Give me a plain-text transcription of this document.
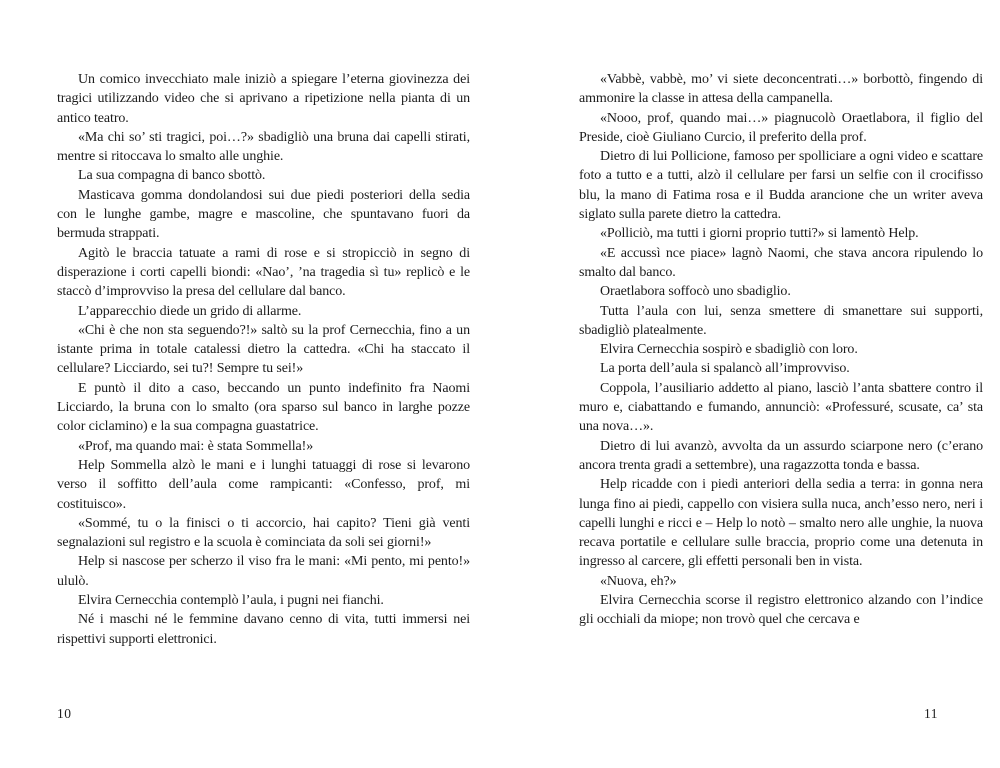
Un comico invecchiato male iniziò a spiegare l’eterna giovinezza dei tragici utilizzando video che si aprivano a ripetizione nella pianta di un antico teatro.

«Ma chi so’ sti tragici, poi…?» sbadigliò una bruna dai capelli stirati, mentre si ritoccava lo smalto alle unghie.

La sua compagna di banco sbottò.

Masticava gomma dondolandosi sui due piedi posteriori della sedia con le lunghe gambe, magre e mascoline, che spuntavano fuori da bermuda strappati.

Agitò le braccia tatuate a rami di rose e si stropicciò in segno di disperazione i corti capelli biondi: «Nao’, ’na tragedia sì tu» replicò e le staccò d’improvviso la presa del cellulare dal banco.

L’apparecchio diede un grido di allarme.

«Chi è che non sta seguendo?!» saltò su la prof Cernecchia, fino a un istante prima in totale catalessi dietro la cattedra. «Chi ha staccato il cellulare? Licciardo, sei tu?! Sempre tu sei!»

E puntò il dito a caso, beccando un punto indefinito fra Naomi Licciardo, la bruna con lo smalto (ora sparso sul banco in larghe pozze color ciclamino) e la sua compagna guastatrice.

«Prof, ma quando mai: è stata Sommella!»

Help Sommella alzò le mani e i lunghi tatuaggi di rose si levarono verso il soffitto dell’aula come rampicanti: «Confesso, prof, mi costituisco».

«Sommé, tu o la finisci o ti accorcio, hai capito? Tieni già venti segnalazioni sul registro e la scuola è cominciata da soli sei giorni!»

Help si nascose per scherzo il viso fra le mani: «Mi pento, mi pento!» ululò.

Elvira Cernecchia contemplò l’aula, i pugni nei fianchi.

Né i maschi né le femmine davano cenno di vita, tutti immersi nei rispettivi supporti elettronici.

10

«Vabbè, vabbè, mo’ vi siete deconcentrati…» borbottò, fingendo di ammonire la classe in attesa della campanella.

«Nooo, prof, quando mai…» piagnucolò Oraetlabora, il figlio del Preside, cioè Giuliano Curcio, il preferito della prof.

Dietro di lui Pollicione, famoso per spolliciare a ogni video e scattare foto a tutto e a tutti, alzò il cellulare per farsi un selfie con il crocifisso blu, la mano di Fatima rosa e il Budda arancione che un writer aveva siglato sulla parete dietro la cattedra.

«Polliciò, ma tutti i giorni proprio tutti?» si lamentò Help.

«E accussì nce piace» lagnò Naomi, che stava ancora ripulendo lo smalto dal banco.

Oraetlabora soffocò uno sbadiglio.

Tutta l’aula con lui, senza smettere di smanettare sui supporti, sbadigliò platealmente.

Elvira Cernecchia sospirò e sbadigliò con loro.

La porta dell’aula si spalancò all’improvviso.

Coppola, l’ausiliario addetto al piano, lasciò l’anta sbattere contro il muro e, ciabattando e fumando, annunciò: «Professuré, scusate, ca’ sta una nova…».

Dietro di lui avanzò, avvolta da un assurdo sciarpone nero (c’erano ancora trenta gradi a settembre), una ragazzotta tonda e bassa.

Help ricadde con i piedi anteriori della sedia a terra: in gonna nera lunga fino ai piedi, cappello con visiera sulla nuca, anch’esso nero, neri i capelli lunghi e ricci e – Help lo notò – smalto nero alle unghie, la nuova recava portatile e cellulare sulle braccia, proprio come una detenuta in ingresso al carcere, gli effetti personali ben in vista.

«Nuova, eh?»

Elvira Cernecchia scorse il registro elettronico alzando con l’indice gli occhiali da miope; non trovò quel che cercava e

11
